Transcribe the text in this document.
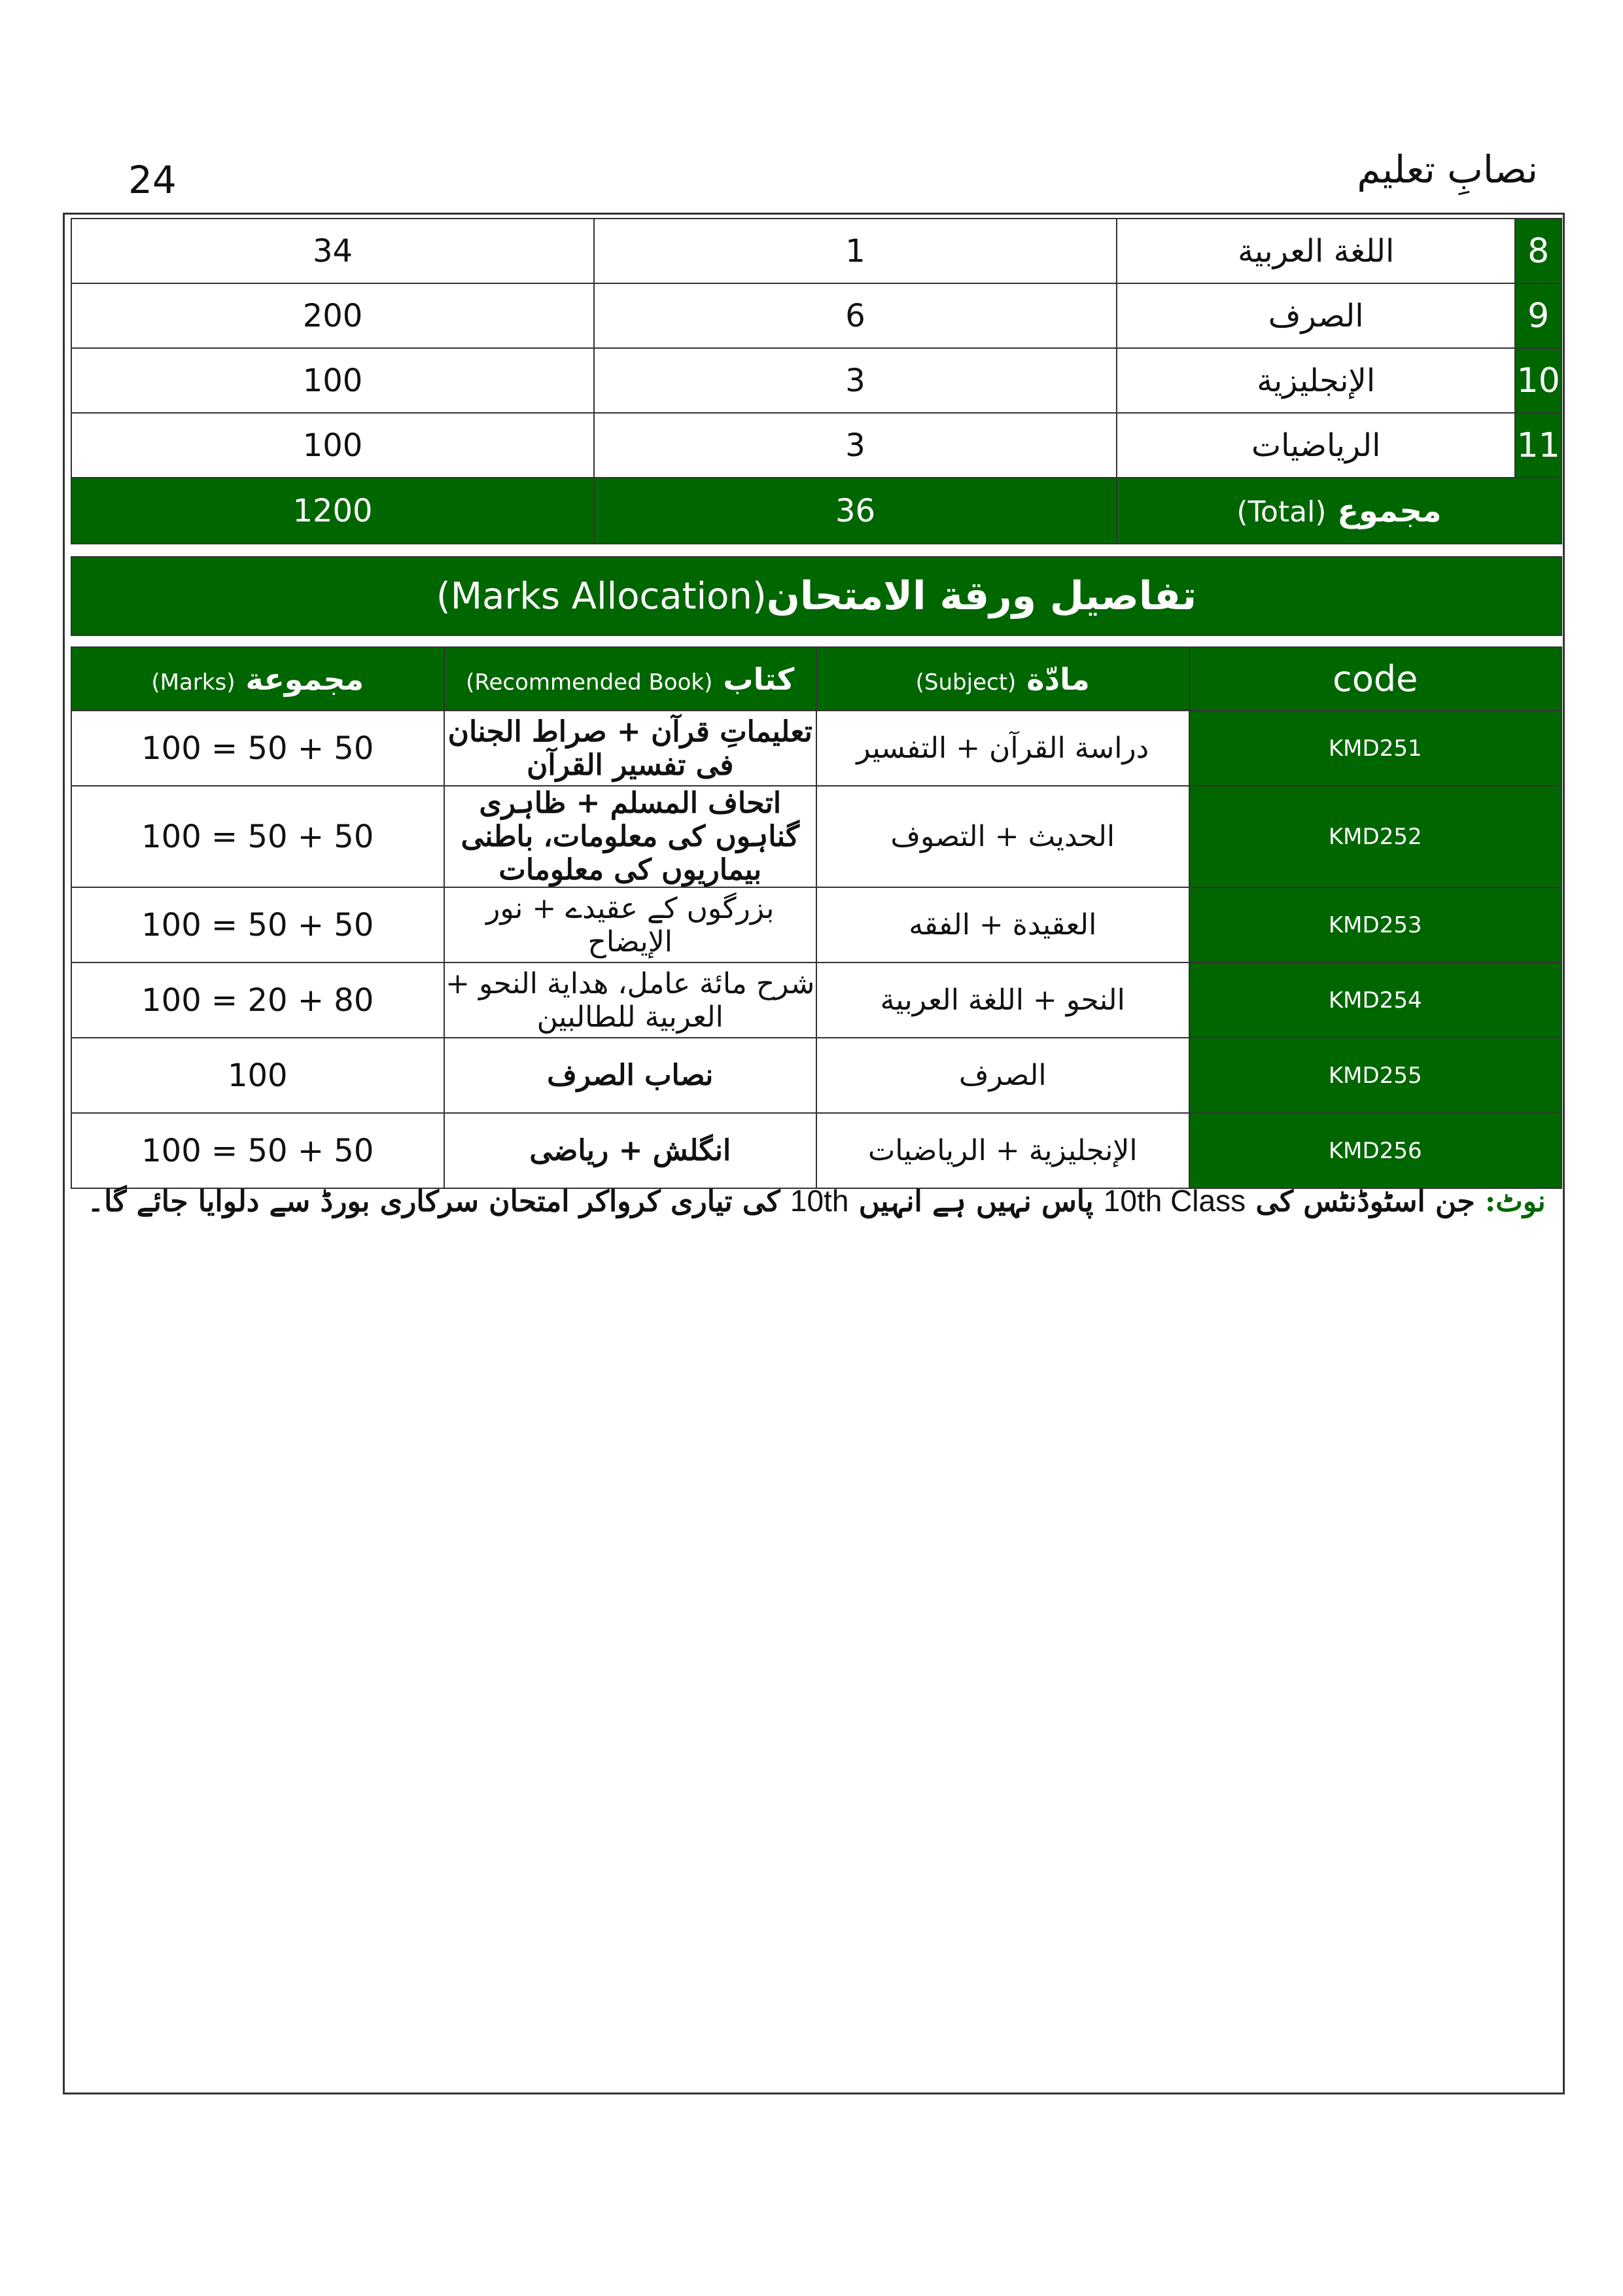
24	نصابِ تعلیم
8	اللغة العربية	1	34
9	الصرف	6	200
10	الإنجليزية	3	100
11	الرياضيات	3	100
مجموع (Total)		36	1200
تفاصيل ورقة الامتحان
(Marks Allocation)
code	مادّة (Subject)	كتاب (Recommended Book)	مجموعة (Marks)
KMD251	دراسة القرآن + التفسير	تعلیماتِ قرآن + صراط الجنان فی تفسیر القرآن	100 = 50 + 50
KMD252	الحديث + التصوف	اتحاف المسلم + ظاہری گناہوں کی معلومات، باطنی بیماریوں کی معلومات	100 = 50 + 50
KMD253	العقيدة + الفقه	بزرگوں کے عقیدے + نور الإيضاح	100 = 50 + 50
KMD254	النحو + اللغة العربية	شرح مائة عامل، هداية النحو + العربية للطالبين	100 = 20 + 80
KMD255	الصرف	نصاب الصرف	100
KMD256	الإنجليزية + الرياضيات	انگلش + ریاضی	100 = 50 + 50
نوٹ: جن اسٹوڈنٹس کی 10th Class پاس نہیں ہے انہیں 10th کی تیاری کرواکر امتحان سرکاری بورڈ سے دلوایا جائے گا۔
